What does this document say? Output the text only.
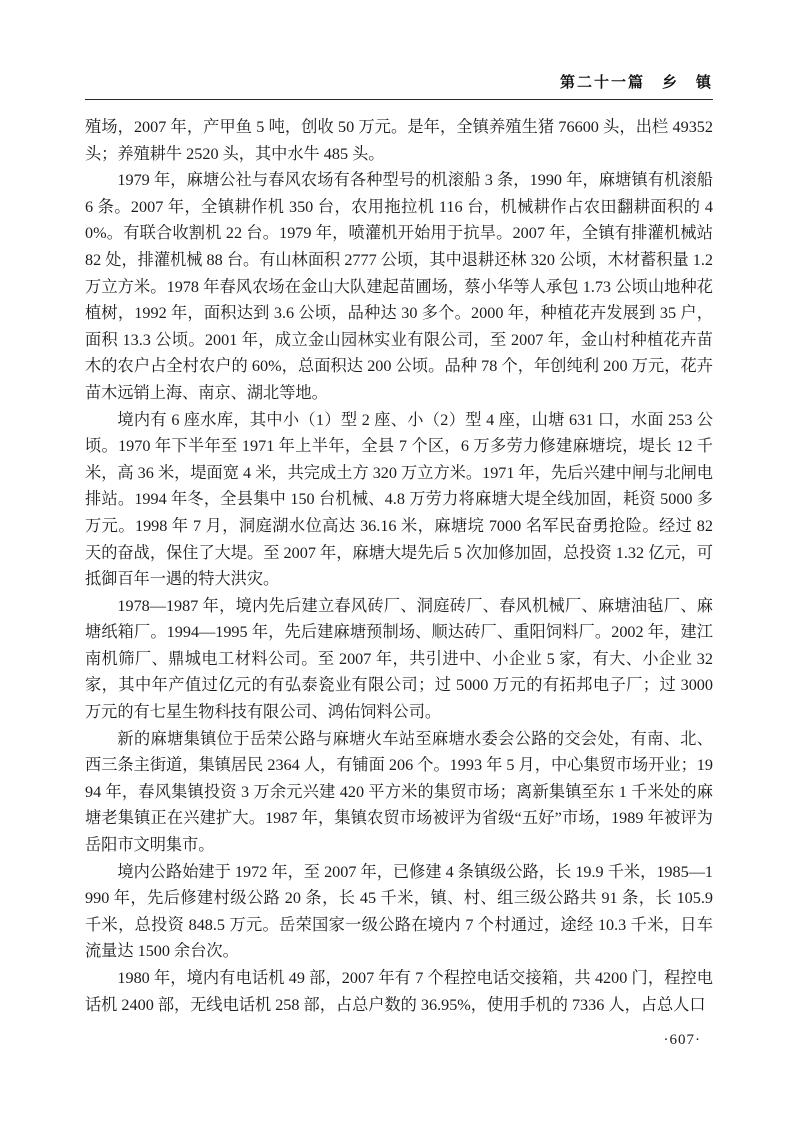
第二十一篇　乡　镇

殖场，2007 年，产甲鱼 5 吨，创收 50 万元。是年，全镇养殖生猪 76600 头，出栏 49352 头；养殖耕牛 2520 头，其中水牛 485 头。

1979 年，麻塘公社与春风农场有各种型号的机滚船 3 条，1990 年，麻塘镇有机滚船 6 条。2007 年，全镇耕作机 350 台，农用拖拉机 116 台，机械耕作占农田翻耕面积的 40%。有联合收割机 22 台。1979 年，喷灌机开始用于抗旱。2007 年，全镇有排灌机械站 82 处，排灌机械 88 台。有山林面积 2777 公顷，其中退耕还林 320 公顷，木材蓄积量 1.2 万立方米。1978 年春风农场在金山大队建起苗圃场，蔡小华等人承包 1.73 公顷山地种花植树，1992 年，面积达到 3.6 公顷，品种达 30 多个。2000 年，种植花卉发展到 35 户，面积 13.3 公顷。2001 年，成立金山园林实业有限公司，至 2007 年，金山村种植花卉苗木的农户占全村农户的 60%，总面积达 200 公顷。品种 78 个，年创纯利 200 万元，花卉苗木远销上海、南京、湖北等地。

境内有 6 座水库，其中小（1）型 2 座、小（2）型 4 座，山塘 631 口，水面 253 公顷。1970 年下半年至 1971 年上半年，全县 7 个区，6 万多劳力修建麻塘垸，堤长 12 千米，高 36 米，堤面宽 4 米，共完成土方 320 万立方米。1971 年，先后兴建中闸与北闸电排站。1994 年冬，全县集中 150 台机械、4.8 万劳力将麻塘大堤全线加固，耗资 5000 多万元。1998 年 7 月，洞庭湖水位高达 36.16 米，麻塘垸 7000 名军民奋勇抢险。经过 82 天的奋战，保住了大堤。至 2007 年，麻塘大堤先后 5 次加修加固，总投资 1.32 亿元，可抵御百年一遇的特大洪灾。

1978—1987 年，境内先后建立春风砖厂、洞庭砖厂、春风机械厂、麻塘油毡厂、麻塘纸箱厂。1994—1995 年，先后建麻塘预制场、顺达砖厂、重阳饲料厂。2002 年，建江南机筛厂、鼎城电工材料公司。至 2007 年，共引进中、小企业 5 家，有大、小企业 32 家，其中年产值过亿元的有弘泰瓷业有限公司；过 5000 万元的有拓邦电子厂；过 3000 万元的有七星生物科技有限公司、鸿佑饲料公司。

新的麻塘集镇位于岳荣公路与麻塘火车站至麻塘水委会公路的交会处，有南、北、西三条主街道，集镇居民 2364 人，有铺面 206 个。1993 年 5 月，中心集贸市场开业；1994 年，春风集镇投资 3 万余元兴建 420 平方米的集贸市场；离新集镇至东 1 千米处的麻塘老集镇正在兴建扩大。1987 年，集镇农贸市场被评为省级“五好”市场，1989 年被评为岳阳市文明集市。

境内公路始建于 1972 年，至 2007 年，已修建 4 条镇级公路，长 19.9 千米，1985—1990 年，先后修建村级公路 20 条，长 45 千米，镇、村、组三级公路共 91 条，长 105.9 千米，总投资 848.5 万元。岳荣国家一级公路在境内 7 个村通过，途经 10.3 千米，日车流量达 1500 余台次。

1980 年，境内有电话机 49 部，2007 年有 7 个程控电话交接箱，共 4200 门，程控电话机 2400 部，无线电话机 258 部，占总户数的 36.95%，使用手机的 7336 人，占总人口

·607·
